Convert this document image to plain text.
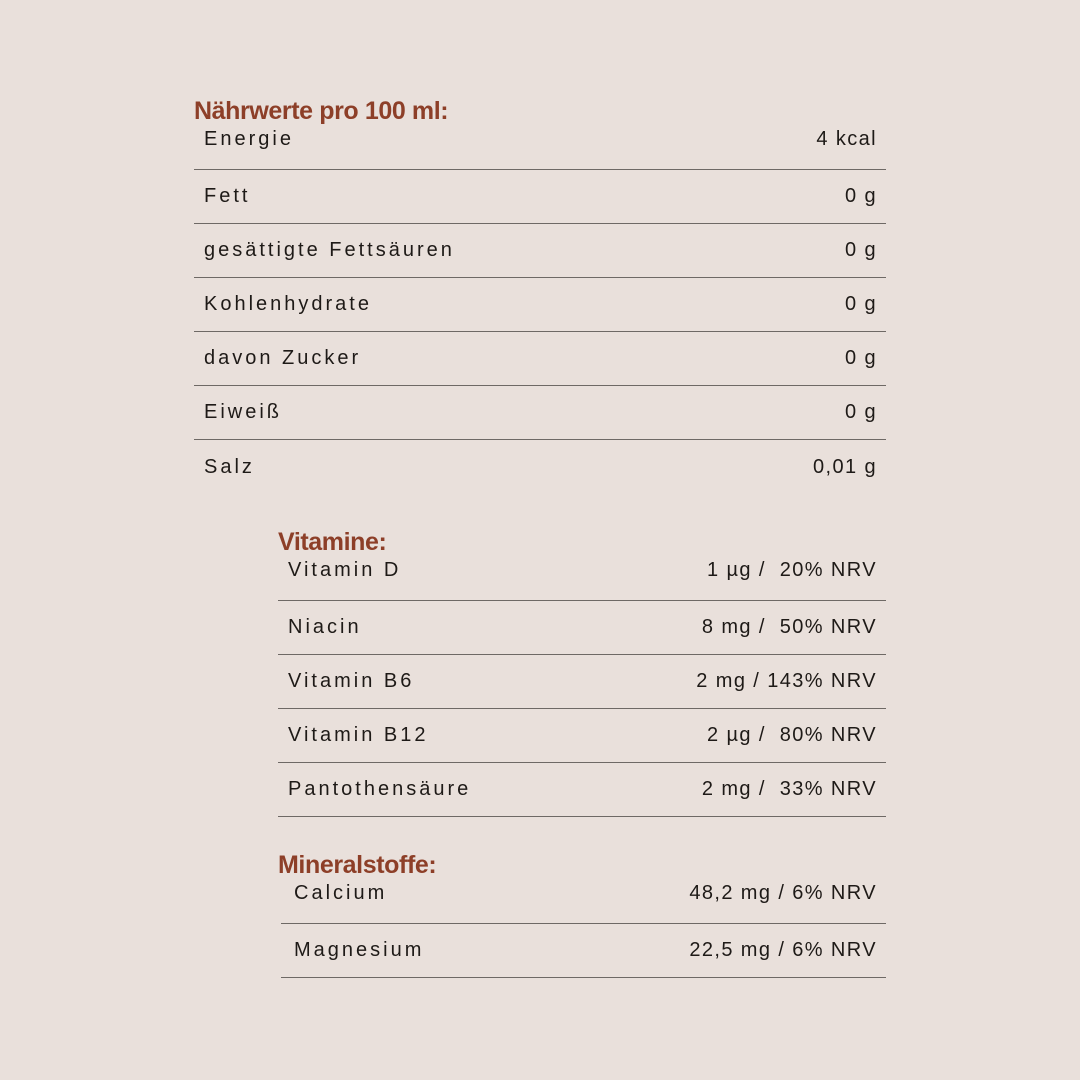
Nährwerte pro 100 ml:
Energie	4 kcal
Fett	0 g
gesättigte Fettsäuren	0 g
Kohlenhydrate	0 g
davon Zucker	0 g
Eiweiß	0 g
Salz	0,01 g
Vitamine:
Vitamin D	1 µg /  20% NRV
Niacin	8 mg /  50% NRV
Vitamin B6	2 mg / 143% NRV
Vitamin B12	2 µg /  80% NRV
Pantothensäure	2 mg /  33% NRV
Mineralstoffe:
Calcium	48,2 mg / 6% NRV
Magnesium	22,5 mg / 6% NRV
